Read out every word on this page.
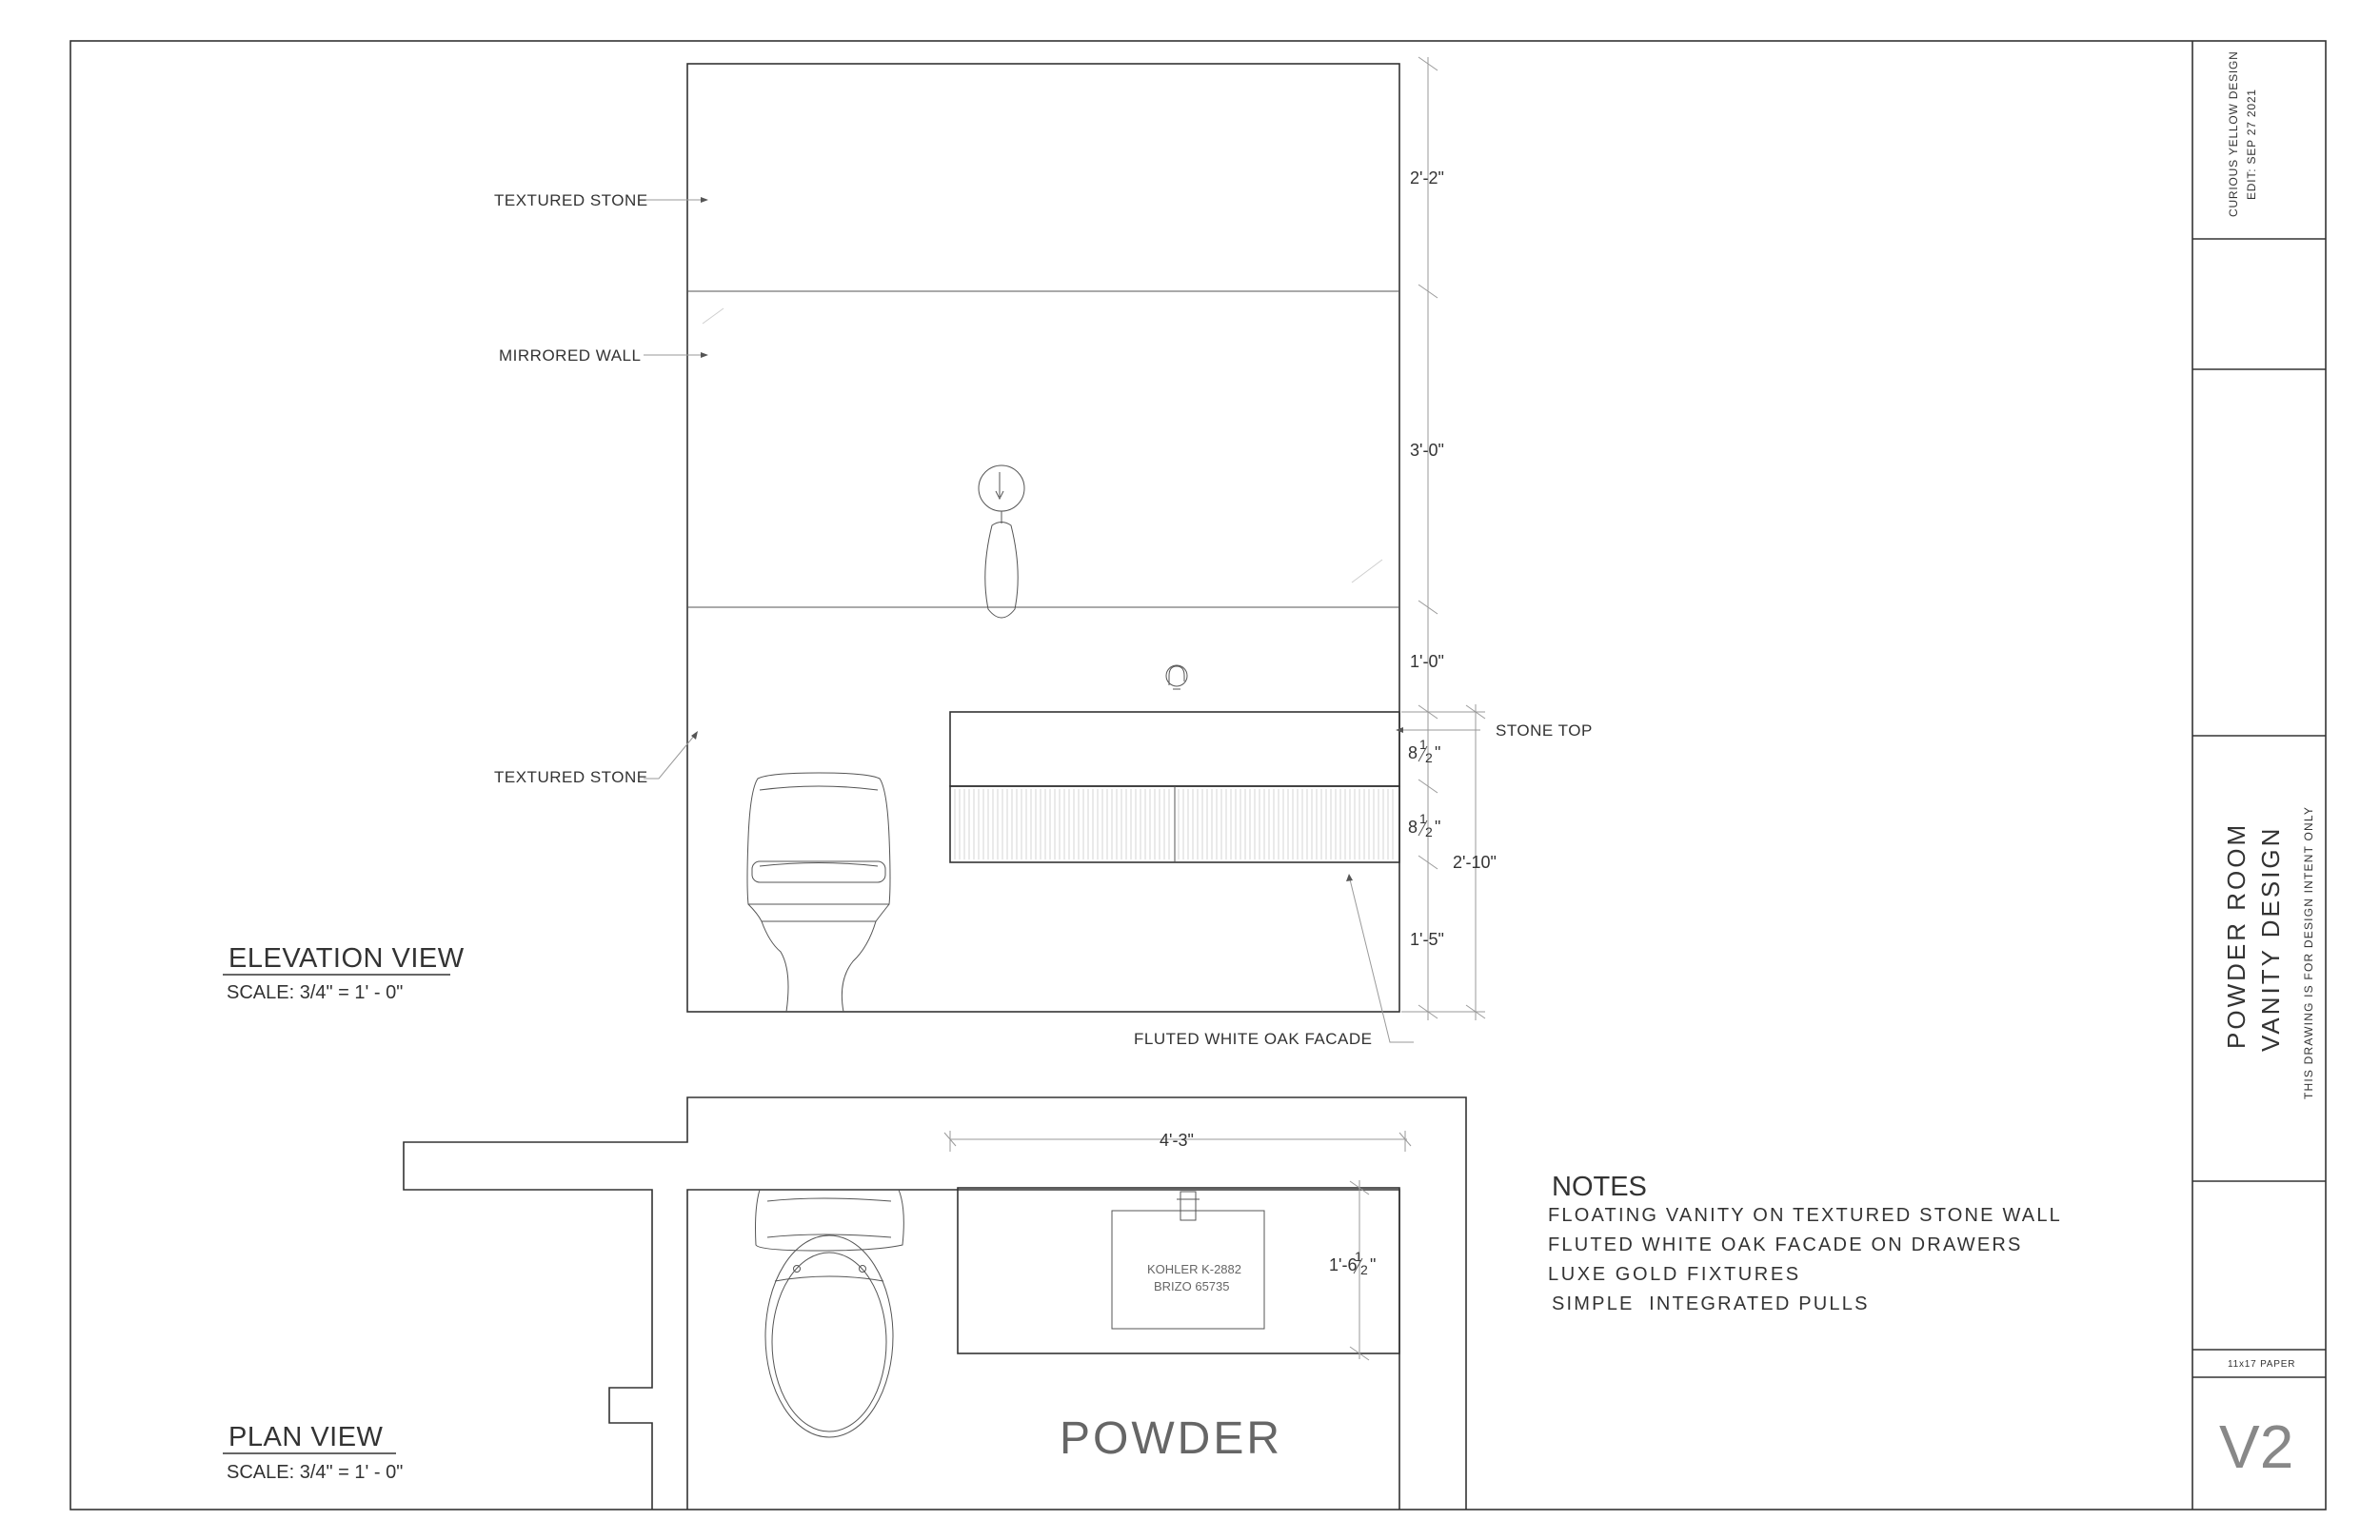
CURIOUS YELLOW DESIGN EDIT: SEP 27 2021
POWDER ROOM VANITY DESIGN THIS DRAWING IS FOR DESIGN INTENT ONLY
11x17 PAPER
V2
TEXTURED STONE
MIRRORED WALL
TEXTURED STONE
STONE TOP
FLUTED WHITE OAK FACADE
2'-2"
3'-0"
1'-0"
8 1
2 "
8 1
2 "
2'-10"
1'-5"
ELEVATION VIEW
SCALE: 3/4" = 1' - 0"
KOHLER K-2882
BRIZO 65735
4'-3"
1'-6
1
2 "
POWDER
PLAN VIEW
SCALE: 3/4" = 1' - 0"
NOTES
FLOATING VANITY ON TEXTURED STONE WALL
FLUTED WHITE OAK FACADE ON DRAWERS
LUXE GOLD FIXTURES
SIMPLE  INTEGRATED PULLS
